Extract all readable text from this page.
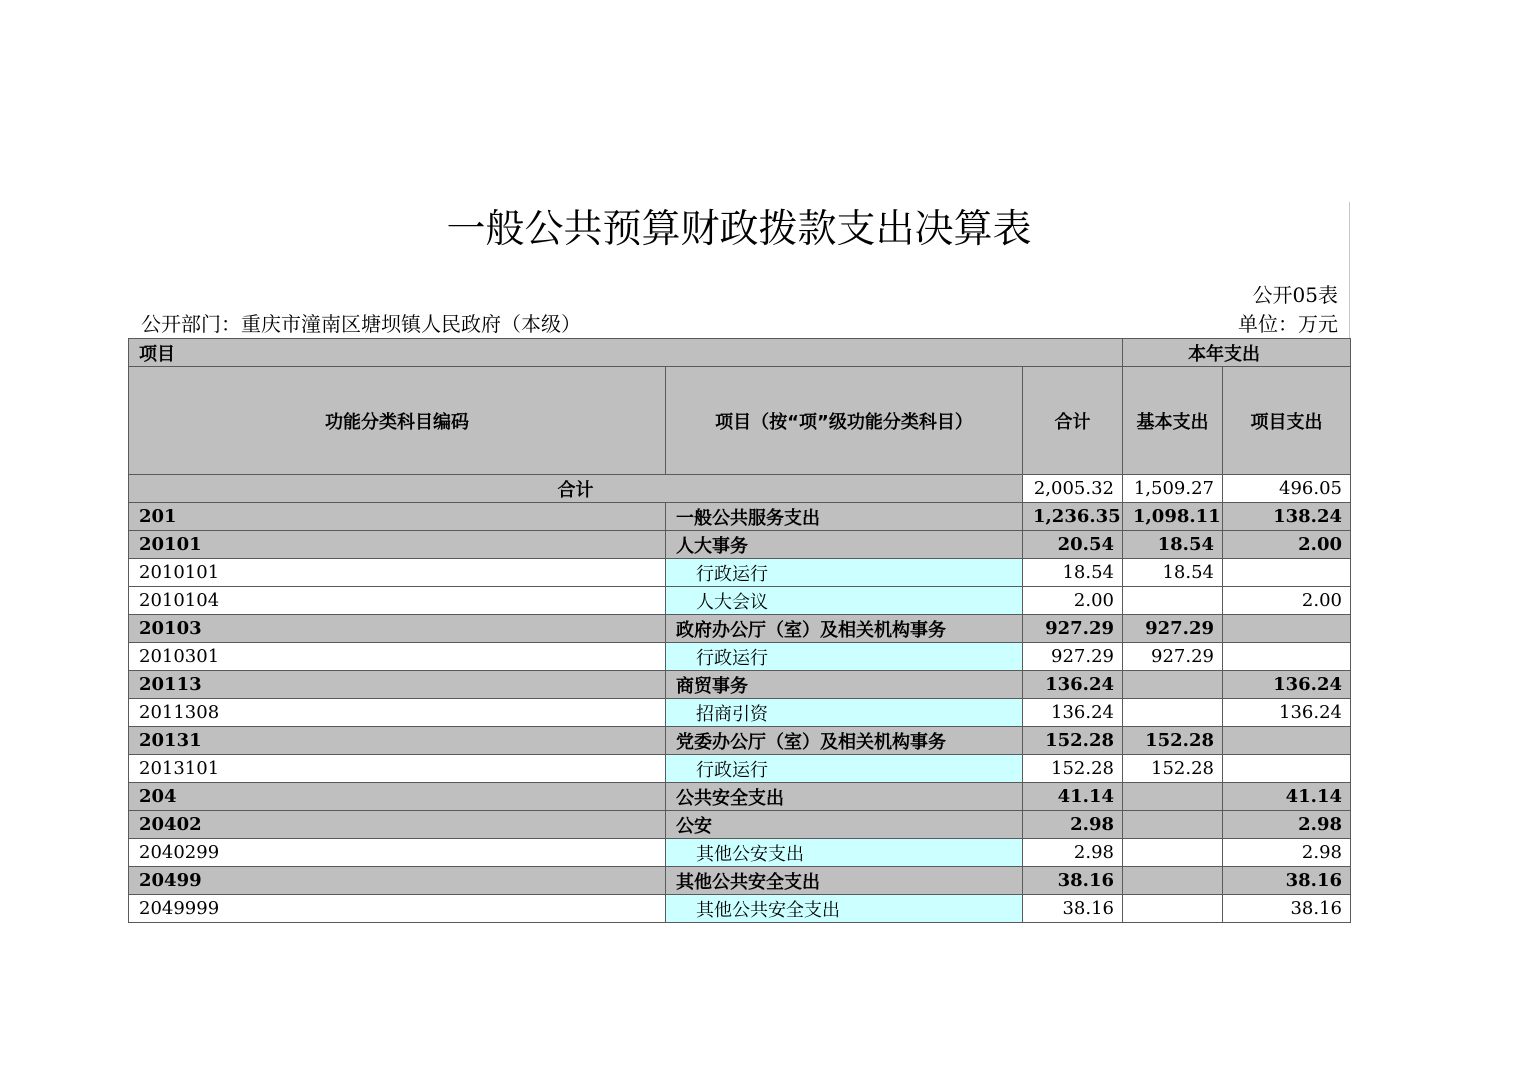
一般公共预算财政拨款支出决算表
公开05表
公开部门：重庆市潼南区塘坝镇人民政府（本级）	单位：万元
项目			本年支出	
功能分类科目编码	项目（按“项”级功能分类科目）	合计	基本支出	项目支出
合计		2,005.32	1,509.27	496.05
201	一般公共服务支出	1,236.35	1,098.11	138.24
20101	人大事务	20.54	18.54	2.00
2010101	行政运行	18.54	18.54	
2010104	人大会议	2.00		2.00
20103	政府办公厅（室）及相关机构事务	927.29	927.29	
2010301	行政运行	927.29	927.29	
20113	商贸事务	136.24		136.24
2011308	招商引资	136.24		136.24
20131	党委办公厅（室）及相关机构事务	152.28	152.28	
2013101	行政运行	152.28	152.28	
204	公共安全支出	41.14		41.14
20402	公安	2.98		2.98
2040299	其他公安支出	2.98		2.98
20499	其他公共安全支出	38.16		38.16
2049999	其他公共安全支出	38.16		38.16
